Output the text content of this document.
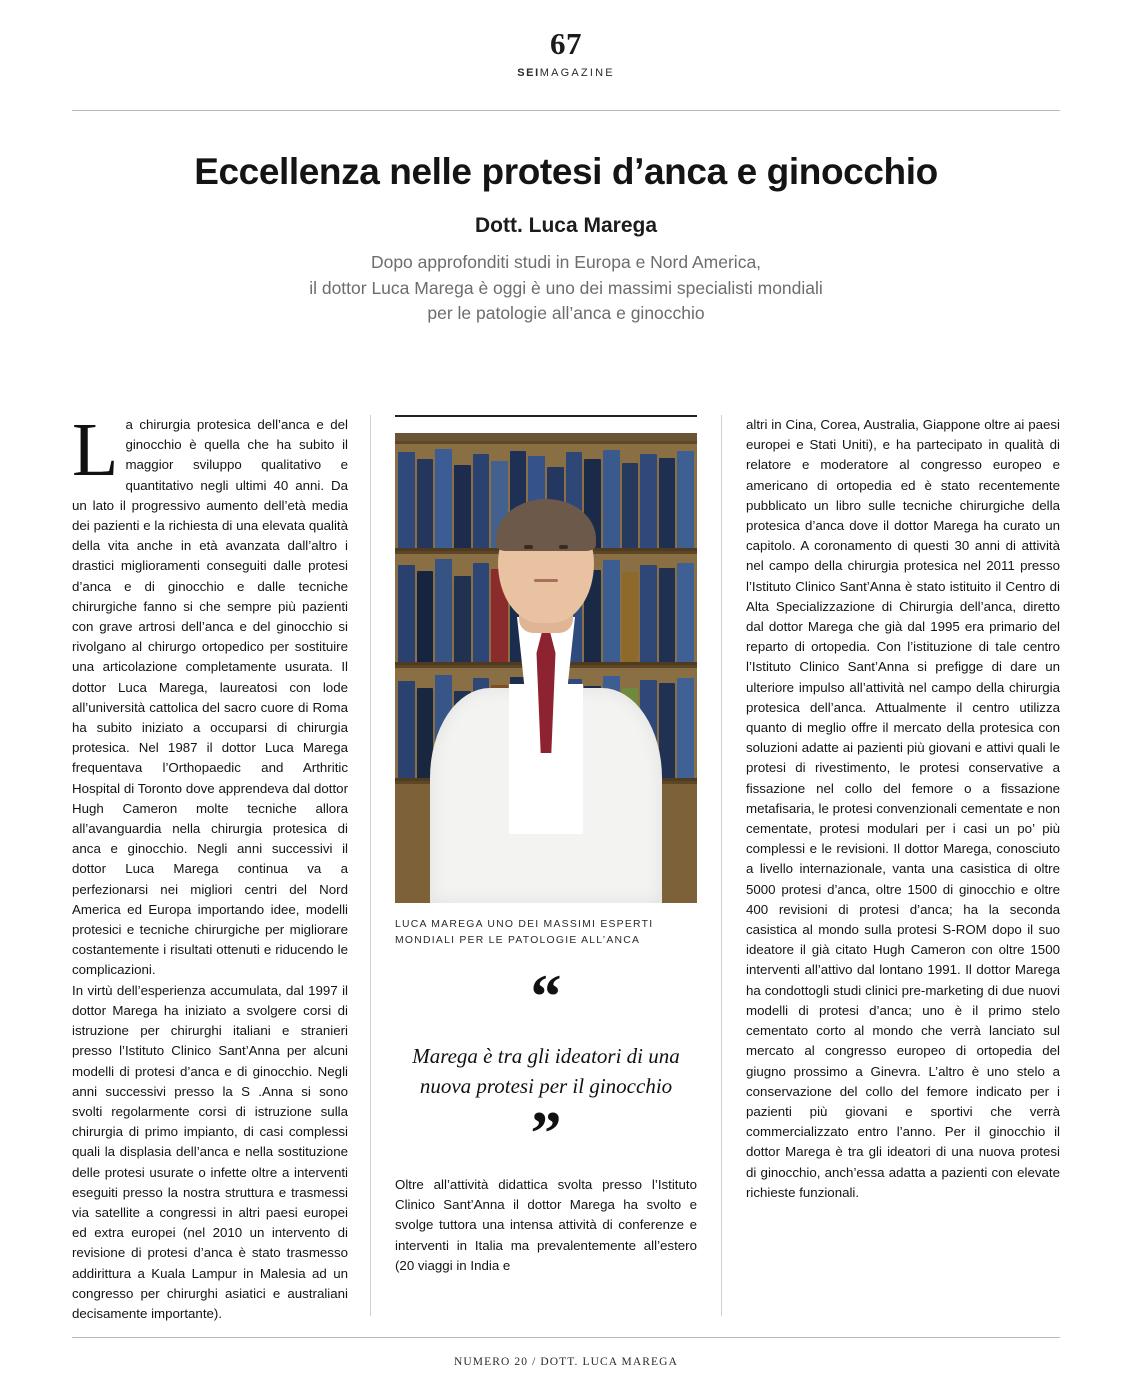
67
SEIMAGAZINE
Eccellenza nelle protesi d’anca e ginocchio
Dott. Luca Marega
Dopo approfonditi studi in Europa e Nord America,
il dottor Luca Marega è oggi è uno dei massimi specialisti mondiali
per le patologie all’anca e ginocchio

La chirurgia protesica dell’anca e del ginocchio è quella che ha subito il maggior sviluppo qualitativo e quantitativo negli ultimi 40 anni. Da un lato il progressivo aumento dell’età media dei pazienti e la richiesta di una elevata qualità della vita anche in età avanzata dall’altro i drastici miglioramenti conseguiti dalle protesi d’anca e di ginocchio e dalle tecniche chirurgiche fanno si che sempre più pazienti con grave artrosi dell’anca e del ginocchio si rivolgano al chirurgo ortopedico per sostituire una articolazione completamente usurata. Il dottor Luca Marega, laureatosi con lode all’università cattolica del sacro cuore di Roma ha subito iniziato a occuparsi di chirurgia protesica. Nel 1987 il dottor Luca Marega frequentava l’Orthopaedic and Arthritic Hospital di Toronto dove apprendeva dal dottor Hugh Cameron molte tecniche allora all’avanguardia nella chirurgia protesica di anca e ginocchio. Negli anni successivi il dottor Luca Marega continua va a perfezionarsi nei migliori centri del Nord America ed Europa importando idee, modelli protesici e tecniche chirurgiche per migliorare costantemente i risultati ottenuti e riducendo le complicazioni.

In virtù dell’esperienza accumulata, dal 1997 il dottor Marega ha iniziato a svolgere corsi di istruzione per chirurghi italiani e stranieri presso l’Istituto Clinico Sant’Anna per alcuni modelli di protesi d’anca e di ginocchio. Negli anni successivi presso la S .Anna si sono svolti regolarmente corsi di istruzione sulla chirurgia di primo impianto, di casi complessi quali la displasia dell’anca e nella sostituzione delle protesi usurate o infette oltre a interventi eseguiti presso la nostra struttura e trasmessi via satellite a congressi in altri paesi europei ed extra europei (nel 2010 un intervento di revisione di protesi d’anca è stato trasmesso addirittura a Kuala Lampur in Malesia ad un congresso per chirurghi asiatici e australiani decisamente importante).

LUCA MAREGA UNO DEI MASSIMI ESPERTI MONDIALI PER LE PATOLOGIE ALL’ANCA
“
Marega è tra gli ideatori di una nuova protesi per il ginocchio
”

Oltre all’attività didattica svolta presso l’Istituto Clinico Sant’Anna il dottor Marega ha svolto e svolge tuttora una intensa attività di conferenze e interventi in Italia ma prevalentemente all’estero (20 viaggi in India e

altri in Cina, Corea, Australia, Giappone oltre ai paesi europei e Stati Uniti), e ha partecipato in qualità di relatore e moderatore al congresso europeo e americano di ortopedia ed è stato recentemente pubblicato un libro sulle tecniche chirurgiche della protesica d’anca dove il dottor Marega ha curato un capitolo. A coronamento di questi 30 anni di attività nel campo della chirurgia protesica nel 2011 presso l’Istituto Clinico Sant’Anna è stato istituito il Centro di Alta Specializzazione di Chirurgia dell’anca, diretto dal dottor Marega che già dal 1995 era primario del reparto di ortopedia. Con l’istituzione di tale centro l’Istituto Clinico Sant’Anna si prefigge di dare un ulteriore impulso all’attività nel campo della chirurgia protesica dell’anca. Attualmente il centro utilizza quanto di meglio offre il mercato della protesica con soluzioni adatte ai pazienti più giovani e attivi quali le protesi di rivestimento, le protesi conservative a fissazione nel collo del femore o a fissazione metafisaria, le protesi convenzionali cementate e non cementate, protesi modulari per i casi un po’ più complessi e le revisioni. Il dottor Marega, conosciuto a livello internazionale, vanta una casistica di oltre 5000 protesi d’anca, oltre 1500 di ginocchio e oltre 400 revisioni di protesi d’anca; ha la seconda casistica al mondo sulla protesi S-ROM dopo il suo ideatore il già citato Hugh Cameron con oltre 1500 interventi all’attivo dal lontano 1991. Il dottor Marega ha condottogli studi clinici pre-marketing di due nuovi modelli di protesi d’anca; uno è il primo stelo cementato corto al mondo che verrà lanciato sul mercato al congresso europeo di ortopedia del giugno prossimo a Ginevra. L’altro è uno stelo a conservazione del collo del femore indicato per i pazienti più giovani e sportivi che verrà commercializzato entro l’anno. Per il ginocchio il dottor Marega è tra gli ideatori di una nuova protesi di ginocchio, anch’essa adatta a pazienti con elevate richieste funzionali.

NUMERO 20 / DOTT. LUCA MAREGA
